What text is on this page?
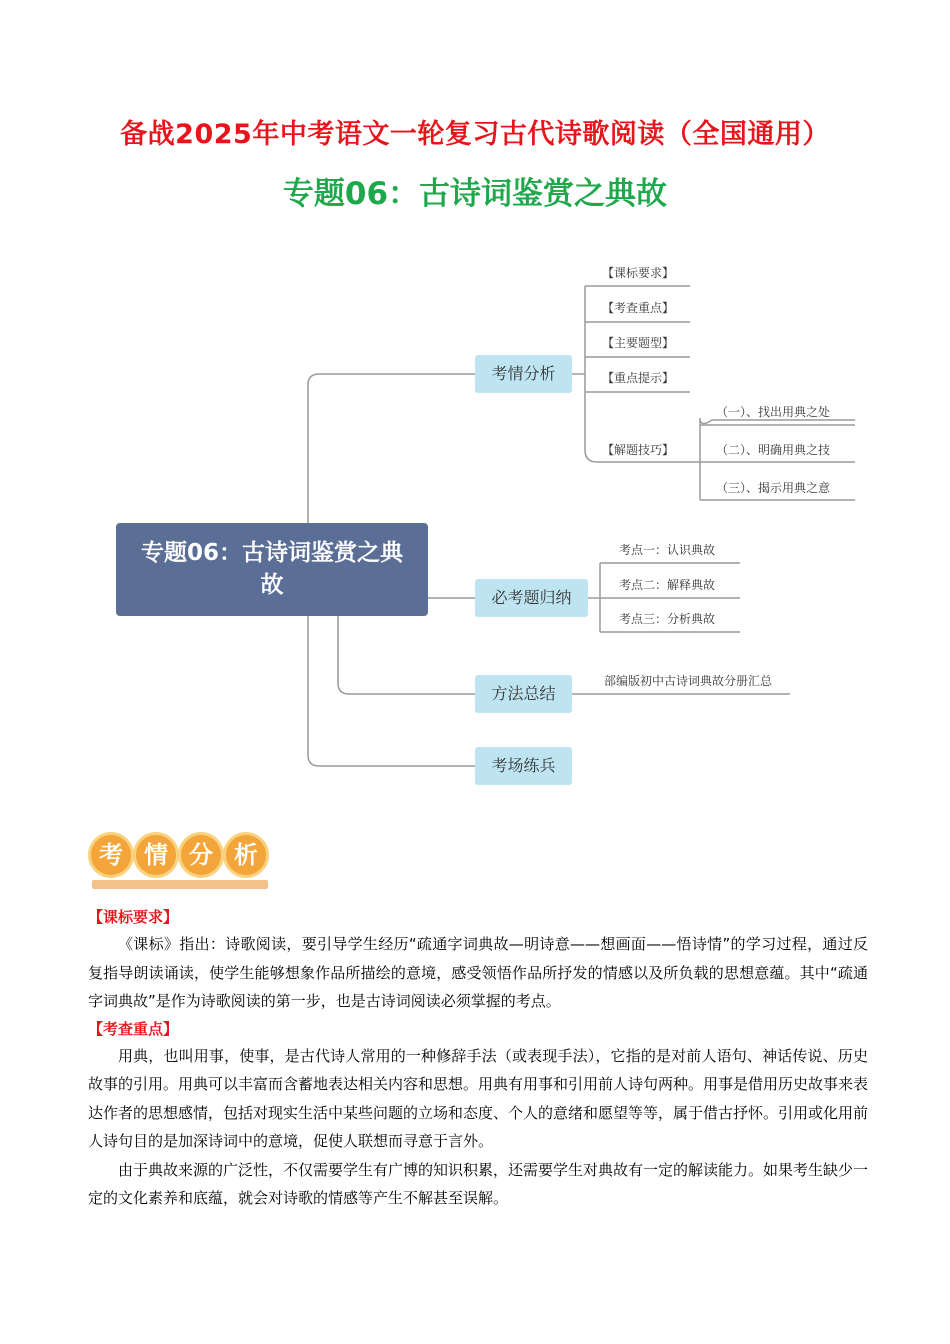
备战2025年中考语文一轮复习古代诗歌阅读（全国通用）
专题06：古诗词鉴赏之典故
专题06：古诗词鉴赏之典故
考情分析
必考题归纳
方法总结
考场练兵
【课标要求】
【考查重点】
【主要题型】
【重点提示】
【解题技巧】
（一）、找出用典之处
（二）、明确用典之技
（三）、揭示用典之意
考点一：认识典故
考点二：解释典故
考点三：分析典故
部编版初中古诗词典故分册汇总
考 情 分 析
【课标要求】

《课标》指出：诗歌阅读，要引导学生经历“疏通字词典故—明诗意——想画面——悟诗情”的学习过程，通过反复指导朗读诵读，使学生能够想象作品所描绘的意境，感受领悟作品所抒发的情感以及所负载的思想意蕴。其中“疏通字词典故”是作为诗歌阅读的第一步，也是古诗词阅读必须掌握的考点。

【考查重点】

用典，也叫用事，使事，是古代诗人常用的一种修辞手法（或表现手法），它指的是对前人语句、神话传说、历史故事的引用。用典可以丰富而含蓄地表达相关内容和思想。用典有用事和引用前人诗句两种。用事是借用历史故事来表达作者的思想感情，包括对现实生活中某些问题的立场和态度、个人的意绪和愿望等等，属于借古抒怀。引用或化用前人诗句目的是加深诗词中的意境，促使人联想而寻意于言外。

由于典故来源的广泛性，不仅需要学生有广博的知识积累，还需要学生对典故有一定的解读能力。如果考生缺少一定的文化素养和底蕴，就会对诗歌的情感等产生不解甚至误解。
